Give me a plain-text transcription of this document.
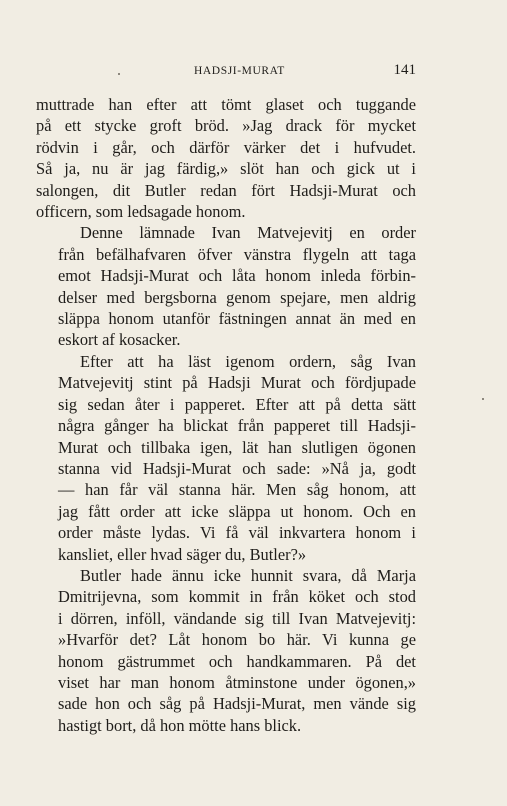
HADSJI-MURAT	141
muttrade han efter att tömt glaset och tuggande
på ett stycke groft bröd. »Jag drack för mycket
rödvin i går, och därför värker det i hufvudet.
Så ja, nu är jag färdig,» slöt han och gick ut i
salongen, dit Butler redan fört Hadsji-Murat och
officern, som ledsagade honom.
Denne lämnade Ivan Matvejevitj en order
från befälhafvaren öfver vänstra flygeln att taga
emot Hadsji-Murat och låta honom inleda förbin-
delser med bergsborna genom spejare, men aldrig
släppa honom utanför fästningen annat än med en
eskort af kosacker.
Efter att ha läst igenom ordern, såg Ivan
Matvejevitj stint på Hadsji Murat och fördjupade
sig sedan åter i papperet. Efter att på detta sätt
några gånger ha blickat från papperet till Hadsji-
Murat och tillbaka igen, lät han slutligen ögonen
stanna vid Hadsji-Murat och sade: »Nå ja, godt
— han får väl stanna här. Men såg honom, att
jag fått order att icke släppa ut honom. Och en
order måste lydas. Vi få väl inkvartera honom i
kansliet, eller hvad säger du, Butler?»
Butler hade ännu icke hunnit svara, då Marja
Dmitrijevna, som kommit in från köket och stod
i dörren, inföll, vändande sig till Ivan Matvejevitj:
»Hvarför det? Låt honom bo här. Vi kunna ge
honom gästrummet och handkammaren. På det
viset har man honom åtminstone under ögonen,»
sade hon och såg på Hadsji-Murat, men vände sig
hastigt bort, då hon mötte hans blick.
